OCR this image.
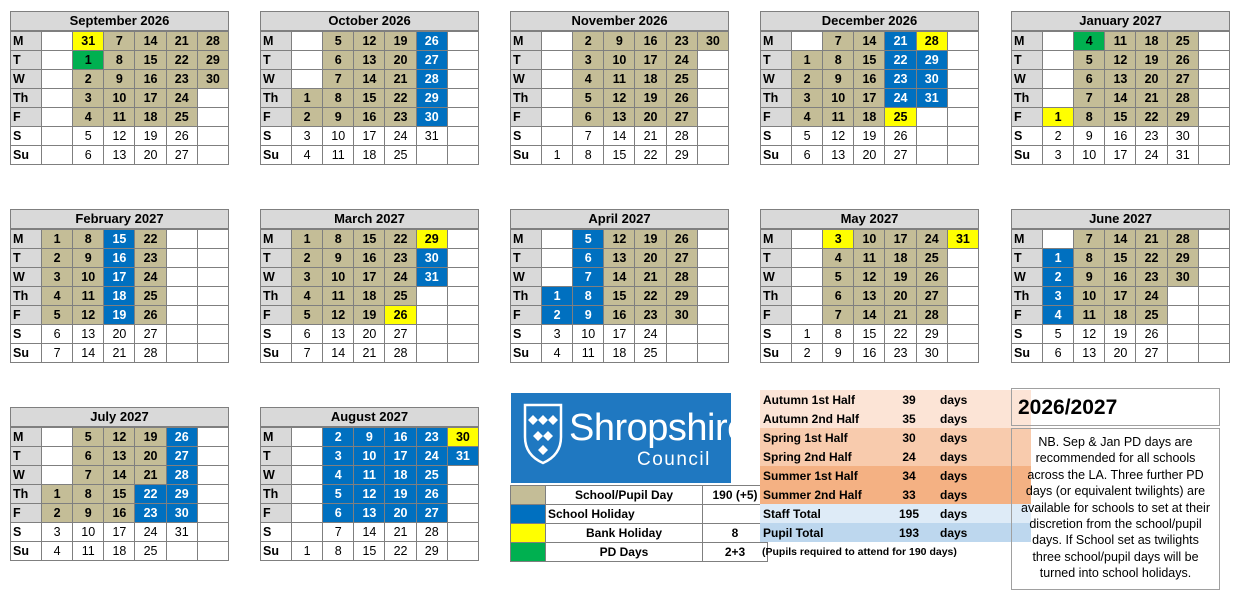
September 2026
M		31	7	14	21	28
T		1	8	15	22	29
W		2	9	16	23	30
Th		3	10	17	24	
F		4	11	18	25	
S		5	12	19	26	
Su		6	13	20	27	
October 2026
M		5	12	19	26	
T		6	13	20	27	
W		7	14	21	28	
Th	1	8	15	22	29	
F	2	9	16	23	30	
S	3	10	17	24	31	
Su	4	11	18	25		
November 2026
M		2	9	16	23	30
T		3	10	17	24	
W		4	11	18	25	
Th		5	12	19	26	
F		6	13	20	27	
S		7	14	21	28	
Su	1	8	15	22	29	
December 2026
M		7	14	21	28	
T	1	8	15	22	29	
W	2	9	16	23	30	
Th	3	10	17	24	31	
F	4	11	18	25		
S	5	12	19	26		
Su	6	13	20	27		
January 2027
M		4	11	18	25	
T		5	12	19	26	
W		6	13	20	27	
Th		7	14	21	28	
F	1	8	15	22	29	
S	2	9	16	23	30	
Su	3	10	17	24	31	
February 2027
M	1	8	15	22		
T	2	9	16	23		
W	3	10	17	24		
Th	4	11	18	25		
F	5	12	19	26		
S	6	13	20	27		
Su	7	14	21	28		
March 2027
M	1	8	15	22	29	
T	2	9	16	23	30	
W	3	10	17	24	31	
Th	4	11	18	25		
F	5	12	19	26		
S	6	13	20	27		
Su	7	14	21	28		
April 2027
M		5	12	19	26	
T		6	13	20	27	
W		7	14	21	28	
Th	1	8	15	22	29	
F	2	9	16	23	30	
S	3	10	17	24		
Su	4	11	18	25		
May 2027
M		3	10	17	24	31
T		4	11	18	25	
W		5	12	19	26	
Th		6	13	20	27	
F		7	14	21	28	
S	1	8	15	22	29	
Su	2	9	16	23	30	
June 2027
M		7	14	21	28	
T	1	8	15	22	29	
W	2	9	16	23	30	
Th	3	10	17	24		
F	4	11	18	25		
S	5	12	19	26		
Su	6	13	20	27		
July 2027
M		5	12	19	26	
T		6	13	20	27	
W		7	14	21	28	
Th	1	8	15	22	29	
F	2	9	16	23	30	
S	3	10	17	24	31	
Su	4	11	18	25		
August 2027
M		2	9	16	23	30
T		3	10	17	24	31
W		4	11	18	25	
Th		5	12	19	26	
F		6	13	20	27	
S		7	14	21	28	
Su	1	8	15	22	29	
Shropshire
Council
	School/Pupil Day	190 (+5)
	School Holiday	
	Bank Holiday	8
	PD Days	2+3
Autumn 1st Half	39	days
Autumn 2nd Half	35	days
Spring 1st Half	30	days
Spring 2nd Half	24	days
Summer 1st Half	34	days
Summer 2nd Half	33	days
Staff Total	195	days
Pupil Total	193	days
(Pupils required to attend for 190 days)
2026/2027
NB. Sep & Jan PD days are recommended for all schools across the LA. Three further PD days (or equivalent twilights) are available for schools to set at their discretion from the school/pupil days. If School set as twilights three school/pupil days will be turned into school holidays.
